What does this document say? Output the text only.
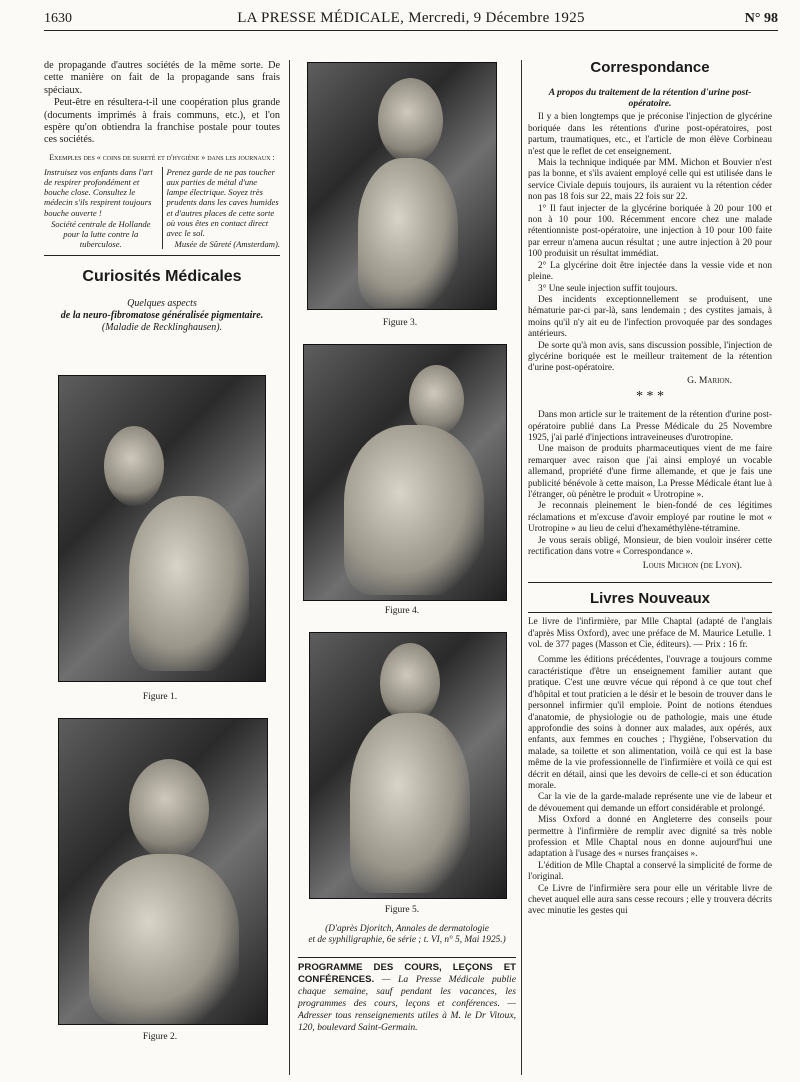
1630	LA PRESSE MÉDICALE, Mercredi, 9 Décembre 1925	N° 98

de propagande d'autres sociétés de la même sorte. De cette manière on fait de la propagande sans frais spéciaux.

Peut-être en résultera-t-il une coopération plus grande (documents imprimés à frais communs, etc.), et l'on espère qu'on obtiendra la franchise postale pour toutes ces sociétés.

Exemples des « coins de sureté et d'hygiène » dans les journaux :
Instruisez vos enfants dans l'art de respirer profondément et bouche close. Consultez le médecin s'ils respirent toujours bouche ouverte !
Société centrale de Hollande pour la lutte contre la tuberculose.
Prenez garde de ne pas toucher aux parties de métal d'une lampe électrique. Soyez très prudents dans les caves humides et d'autres places de cette sorte où vous êtes en contact direct avec le sol.
Musée de Sûreté (Amsterdam).
Curiosités Médicales
Quelques aspects
de la neuro-fibromatose généralisée pigmentaire.
(Maladie de Recklinghausen).
Figure 1.
Figure 2.
Figure 3.
Figure 4.
Figure 5.
(D'après Djoritch, Annales de dermatologie
et de syphiligraphie, 6e série ; t. VI, n° 5, Mai 1925.)
PROGRAMME DES COURS, LEÇONS ET CONFÉRENCES. — La Presse Médicale publie chaque semaine, sauf pendant les vacances, les programmes des cours, leçons et conférences. — Adresser tous renseignements utiles à M. le Dr Vitoux, 120, boulevard Saint-Germain.
Correspondance
A propos du traitement de la rétention d'urine post-opératoire.

Il y a bien longtemps que je préconise l'injection de glycérine boriquée dans les rétentions d'urine post-opératoires, post partum, traumatiques, etc., et l'article de mon élève Corbineau n'est que le reflet de cet enseignement.

Mais la technique indiquée par MM. Michon et Bouvier n'est pas la bonne, et s'ils avaient employé celle qui est utilisée dans le service Civiale depuis toujours, ils auraient vu la rétention céder non pas 18 fois sur 22, mais 22 fois sur 22.

1° Il faut injecter de la glycérine boriquée à 20 pour 100 et non à 10 pour 100. Récemment encore chez une malade rétentionniste post-opératoire, une injection à 10 pour 100 faite par erreur n'amena aucun résultat ; une autre injection à 20 pour 100 produisit un résultat immédiat.

2° La glycérine doit être injectée dans la vessie vide et non pleine.

3° Une seule injection suffit toujours.

Des incidents exceptionnellement se produisent, une hématurie par-ci par-là, sans lendemain ; des cystites jamais, à moins qu'il n'y ait eu de l'infection provoquée par des sondages antérieurs.

De sorte qu'à mon avis, sans discussion possible, l'injection de glycérine boriquée est le meilleur traitement de la rétention d'urine post-opératoire.

G. Marion.
* * *

Dans mon article sur le traitement de la rétention d'urine post-opératoire publié dans La Presse Médicale du 25 Novembre 1925, j'ai parlé d'injections intraveineuses d'urotropine.

Une maison de produits pharmaceutiques vient de me faire remarquer avec raison que j'ai ainsi employé un vocable allemand, propriété d'une firme allemande, et que je fais une publicité bénévole à cette maison, La Presse Médicale étant lue à l'étranger, où pénètre le produit « Urotropine ».

Je reconnais pleinement le bien-fondé de ces légitimes réclamations et m'excuse d'avoir employé par routine le mot « Urotropine » au lieu de celui d'hexaméthylène-tétramine.

Je vous serais obligé, Monsieur, de bien vouloir insérer cette rectification dans votre « Correspondance ».

Louis Michon (de Lyon).
Livres Nouveaux

Le livre de l'infirmière, par Mlle Chaptal (adapté de l'anglais d'après Miss Oxford), avec une préface de M. Maurice Letulle. 1 vol. de 377 pages (Masson et Cie, éditeurs). — Prix : 16 fr.

Comme les éditions précédentes, l'ouvrage a toujours comme caractéristique d'être un enseignement familier autant que pratique. C'est une œuvre vécue qui répond à ce que tout chef d'hôpital et tout praticien a le désir et le besoin de trouver dans le personnel infirmier qu'il emploie. Point de notions étendues d'anatomie, de physiologie ou de pathologie, mais une étude approfondie des soins à donner aux malades, aux opérés, aux enfants, aux femmes en couches ; l'hygiène, l'observation du malade, sa toilette et son alimentation, voilà ce qui est la base même de la vie professionnelle de l'infirmière et voilà ce qui est décrit en détail, ainsi que les devoirs de celle-ci et son éducation morale.

Car la vie de la garde-malade représente une vie de labeur et de dévouement qui demande un effort considérable et prolongé.

Miss Oxford a donné en Angleterre des conseils pour permettre à l'infirmière de remplir avec dignité sa très noble profession et Mlle Chaptal nous en donne aujourd'hui une adaptation à l'usage des « nurses françaises ».

L'édition de Mlle Chaptal a conservé la simplicité de forme de l'original.

Ce Livre de l'infirmière sera pour elle un véritable livre de chevet auquel elle aura sans cesse recours ; elle y trouvera décrits avec minutie les gestes qui
